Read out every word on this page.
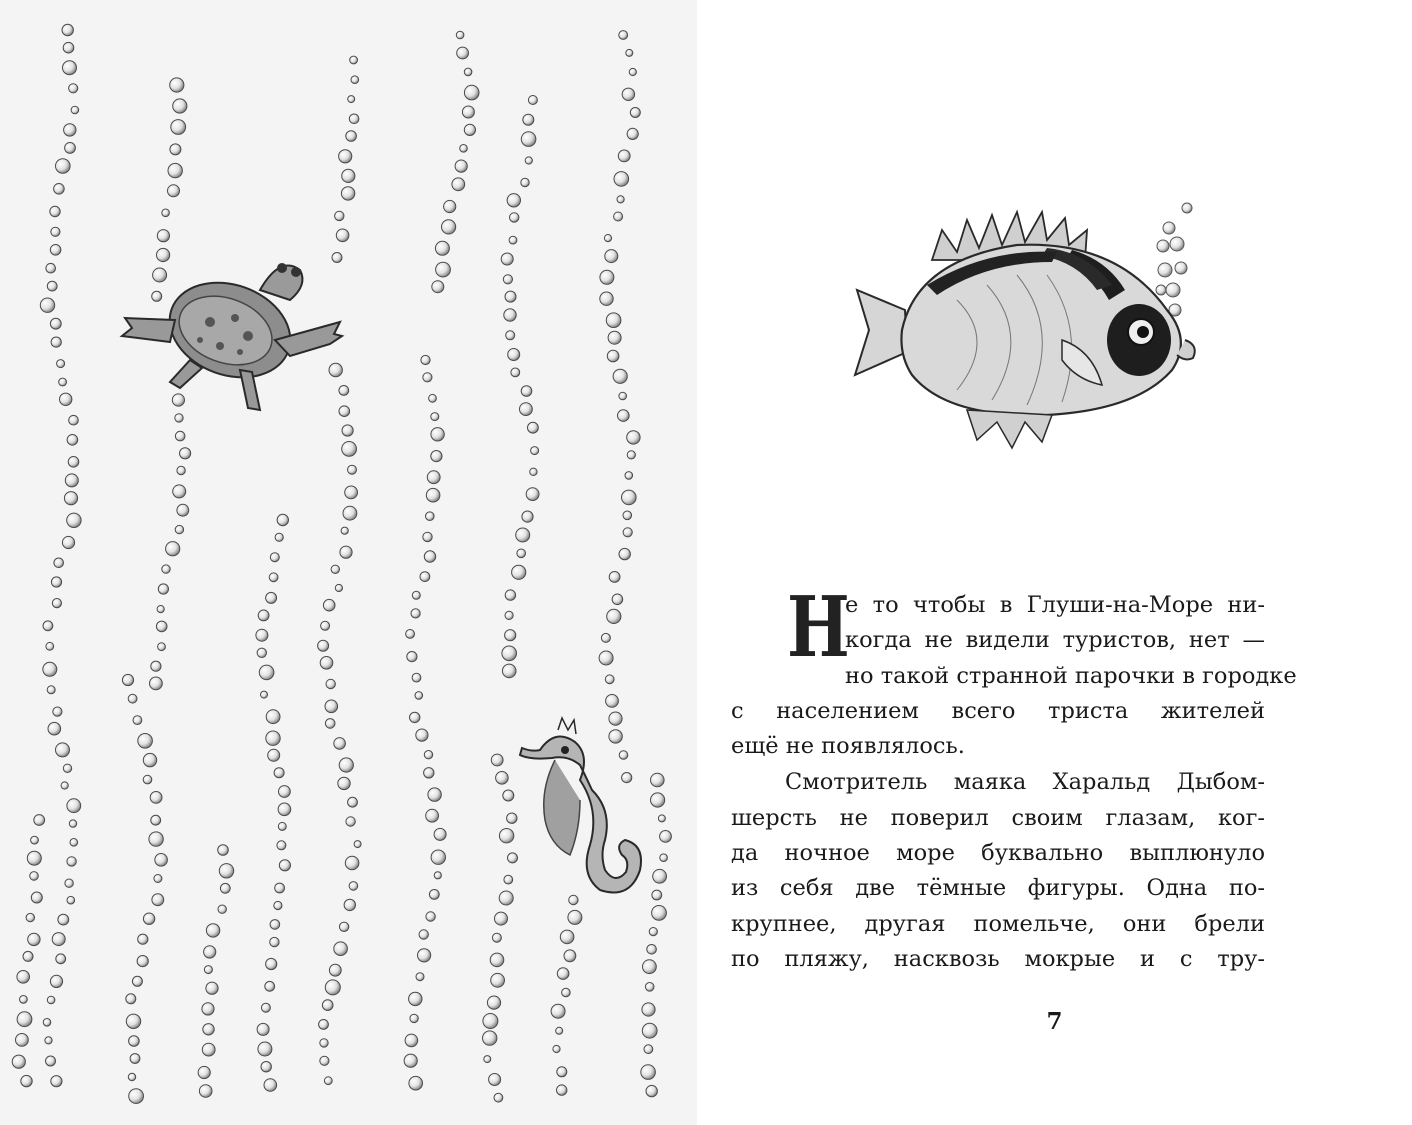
Н
е то чтобы в Глуши-на-Море ни-
когда не видели туристов, нет —
но такой странной парочки в городке
с населением всего триста жителей
ещё не появлялось.

Смотритель маяка Харальд Дыбом-
шерсть не поверил своим глазам, ког-
да ночное море буквально выплюнуло
из себя две тёмные фигуры. Одна по-
крупнее, другая помельче, они брели
по пляжу, насквозь мокрые и с тру-

7
